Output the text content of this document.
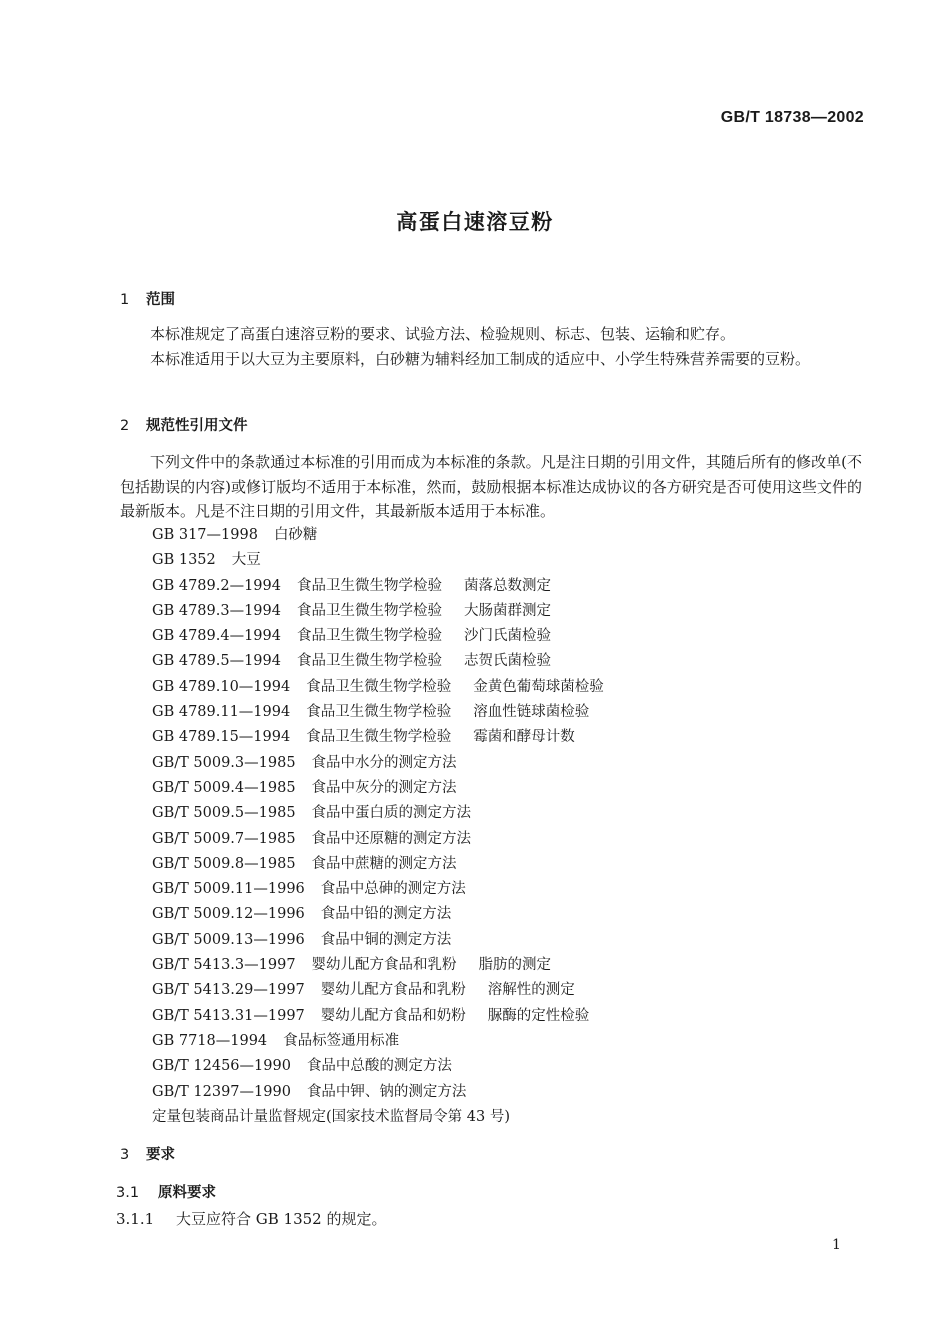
GB/T 18738—2002
高蛋白速溶豆粉
1 范围
本标准规定了高蛋白速溶豆粉的要求、试验方法、检验规则、标志、包装、运输和贮存。
本标准适用于以大豆为主要原料，白砂糖为辅料经加工制成的适应中、小学生特殊营养需要的豆粉。
2 规范性引用文件
下列文件中的条款通过本标准的引用而成为本标准的条款。凡是注日期的引用文件，其随后所有的修改单(不包括勘误的内容)或修订版均不适用于本标准，然而，鼓励根据本标准达成协议的各方研究是否可使用这些文件的最新版本。凡是不注日期的引用文件，其最新版本适用于本标准。
GB 317—1998 白砂糖
GB 1352 大豆
GB 4789.2—1994 食品卫生微生物学检验 菌落总数测定
GB 4789.3—1994 食品卫生微生物学检验 大肠菌群测定
GB 4789.4—1994 食品卫生微生物学检验 沙门氏菌检验
GB 4789.5—1994 食品卫生微生物学检验 志贺氏菌检验
GB 4789.10—1994 食品卫生微生物学检验 金黄色葡萄球菌检验
GB 4789.11—1994 食品卫生微生物学检验 溶血性链球菌检验
GB 4789.15—1994 食品卫生微生物学检验 霉菌和酵母计数
GB/T 5009.3—1985 食品中水分的测定方法
GB/T 5009.4—1985 食品中灰分的测定方法
GB/T 5009.5—1985 食品中蛋白质的测定方法
GB/T 5009.7—1985 食品中还原糖的测定方法
GB/T 5009.8—1985 食品中蔗糖的测定方法
GB/T 5009.11—1996 食品中总砷的测定方法
GB/T 5009.12—1996 食品中铅的测定方法
GB/T 5009.13—1996 食品中铜的测定方法
GB/T 5413.3—1997 婴幼儿配方食品和乳粉 脂肪的测定
GB/T 5413.29—1997 婴幼儿配方食品和乳粉 溶解性的测定
GB/T 5413.31—1997 婴幼儿配方食品和奶粉 脲酶的定性检验
GB 7718—1994 食品标签通用标准
GB/T 12456—1990 食品中总酸的测定方法
GB/T 12397—1990 食品中钾、钠的测定方法
定量包装商品计量监督规定(国家技术监督局令第 43 号)
3 要求
3.1 原料要求
3.1.1 大豆应符合 GB 1352 的规定。
1
